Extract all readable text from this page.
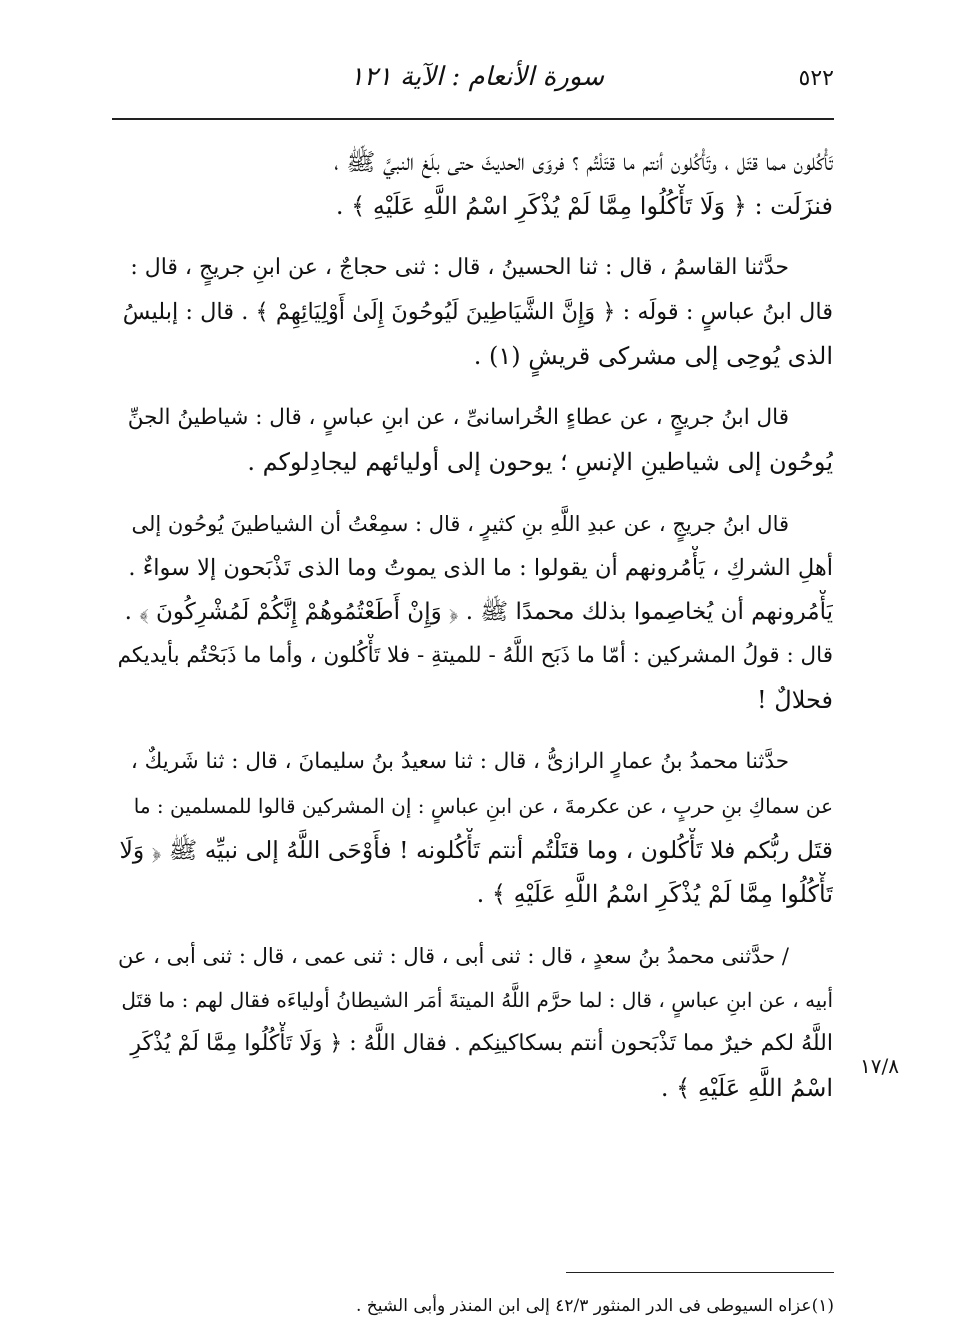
٥٢٢
سورة الأنعام : الآية ١٢١
١٧/٨
تَأْكُلون مما قتَل ، وتَأْكُلون أنتم ما قتَلْتُم ؟ فروَى الحديثَ حتى بلَغ النبيَّ ﷺ ،
فنزَلَت : ﴿ وَلَا تَأْكُلُوا مِمَّا لَمْ يُذْكَرِ اسْمُ اللَّهِ عَلَيْهِ ﴾ .
حدَّثنا القاسمُ ، قال : ثنا الحسينُ ، قال : ثنى حجاجٌ ، عن ابنِ جريجٍ ، قال :
قال ابنُ عباسٍ : قولَه : ﴿ وَإِنَّ الشَّيَاطِينَ لَيُوحُونَ إِلَىٰ أَوْلِيَائِهِمْ ﴾ . قال : إبليسُ
الذى يُوحِى إلى مشركى قريشٍ (١) .
قال ابنُ جريجٍ ، عن عطاءٍ الخُراسانىِّ ، عن ابنِ عباسٍ ، قال : شياطينُ الجنِّ
يُوحُون إلى شياطينِ الإنسِ ؛ يوحون إلى أوليائهم ليجادِلوكم .
قال ابنُ جريجٍ ، عن عبدِ اللَّهِ بنِ كثيرٍ ، قال : سمِعْتُ أن الشياطينَ يُوحُون إلى
أهلِ الشركِ ، يَأْمُرونهم أن يقولوا : ما الذى يموتُ وما الذى تَذْبَحون إلا سواءٌ .
يَأْمُرونهم أن يُخاصِموا بذلك محمدًا ﷺ . ﴿ وَإِنْ أَطَعْتُمُوهُمْ إِنَّكُمْ لَمُشْرِكُونَ ﴾ .
قال : قولُ المشركين : أمّا ما ذَبَح اللَّهُ - للميتةِ - فلا تَأْكُلون ، وأما ما ذَبَحْتُم بأيديكم
فحلالٌ !
حدَّثنا محمدُ بنُ عمارٍ الرازىُّ ، قال : ثنا سعيدُ بنُ سليمانَ ، قال : ثنا شَريكٌ ،
عن سماكِ بنِ حربٍ ، عن عكرمةَ ، عن ابنِ عباسٍ : إن المشركين قالوا للمسلمين : ما
قتَل ربُّكم فلا تَأْكُلون ، وما قتَلْتُم أنتم تَأْكُلونه ! فأَوْحَى اللَّهُ إلى نبيِّه ﷺ ﴿ وَلَا
تَأْكُلُوا مِمَّا لَمْ يُذْكَرِ اسْمُ اللَّهِ عَلَيْهِ ﴾ .
/ حدَّثنى محمدُ بنُ سعدٍ ، قال : ثنى أبى ، قال : ثنى عمى ، قال : ثنى أبى ، عن
أبيه ، عن ابنِ عباسٍ ، قال : لما حرَّم اللَّهُ الميتةَ أمَر الشيطانُ أولياءَه فقال لهم : ما قتَل
اللَّهُ لكم خيرٌ مما تَذْبَحون أنتم بسكاكينِكم . فقال اللَّهُ : ﴿ وَلَا تَأْكُلُوا مِمَّا لَمْ يُذْكَرِ
اسْمُ اللَّهِ عَلَيْهِ ﴾ .
(١)عزاه السيوطى فى الدر المنثور ٤٢/٣ إلى ابن المنذر وأبى الشيخ .
